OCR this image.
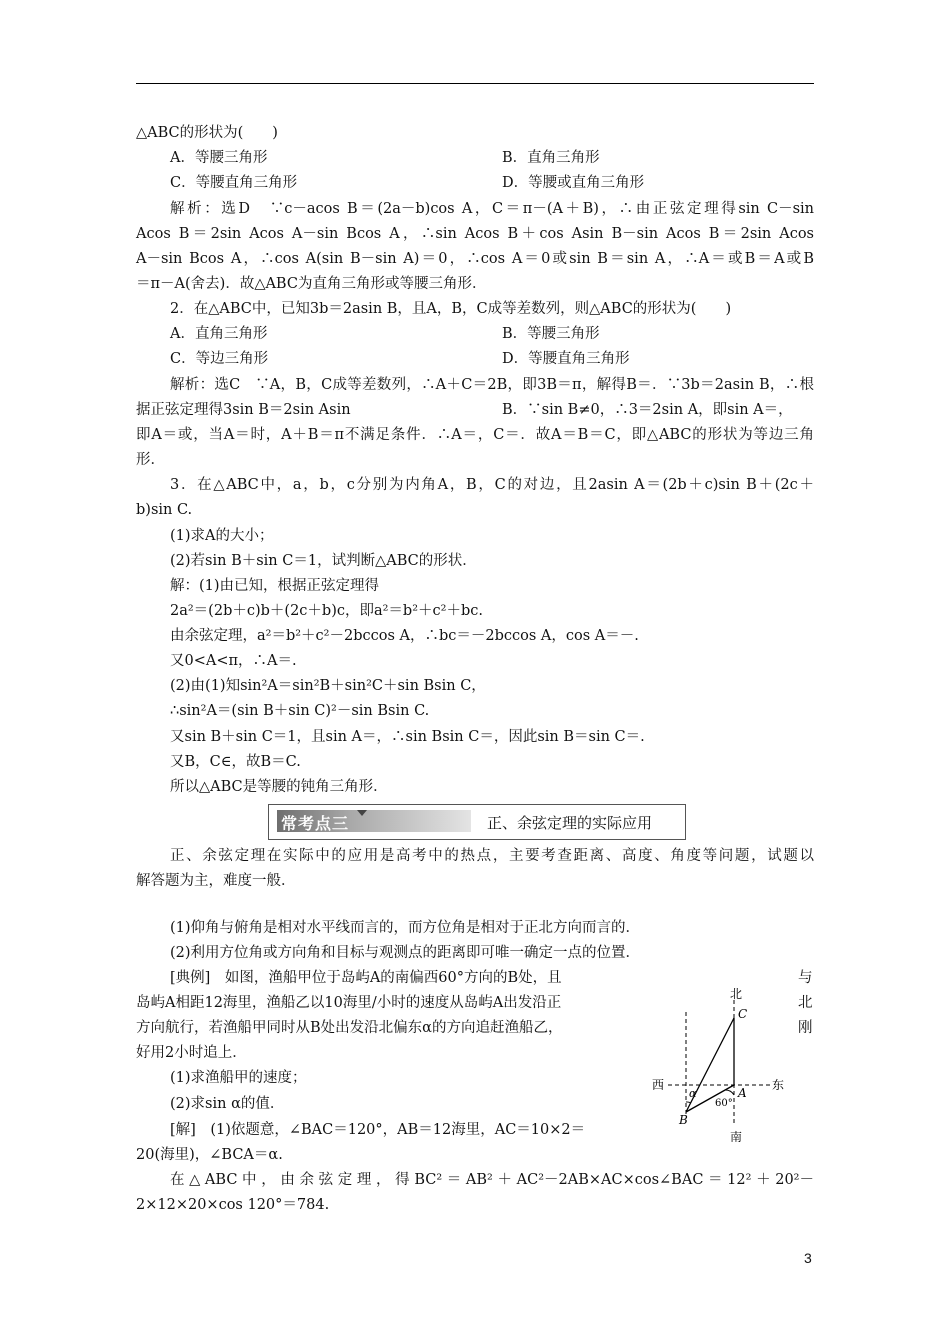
△ABC的形状为(　　)
A．等腰三角形	B．直角三角形
C．等腰直角三角形	D．等腰或直角三角形
解析：选D　∵c－acos B＝(2a－b)cos A，C＝π－(A＋B)，∴由正弦定理得sin C－sin
Acos B＝2sin Acos A－sin Bcos A，∴sin Acos B＋cos Asin B－sin Acos B＝2sin Acos
A－sin Bcos A，∴cos A(sin B－sin A)＝0，∴cos A＝0或sin B＝sin A，∴A＝或B＝A或B
＝π－A(舍去)．故△ABC为直角三角形或等腰三角形．
2．在△ABC中，已知3b＝2asin B，且A，B，C成等差数列，则△ABC的形状为(　　)
A．直角三角形	B．等腰三角形
C．等边三角形	D．等腰直角三角形
解析：选C　∵A，B，C成等差数列，∴A＋C＝2B，即3B＝π，解得B＝．∵3b＝2asin B，∴根
据正弦定理得3sin B＝2sin Asin	B．∵sin B≠0，∴3＝2sin A，即sin A＝，
即A＝或，当A＝时，A＋B＝π不满足条件．∴A＝，C＝．故A＝B＝C，即△ABC的形状为等边三角
形．
3．在△ABC中，a，b，c分别为内角A，B，C的对边，且2asin A＝(2b＋c)sin B＋(2c＋
b)sin C.
(1)求A的大小；
(2)若sin B＋sin C＝1，试判断△ABC的形状．
解：(1)由已知，根据正弦定理得
2a²＝(2b＋c)b＋(2c＋b)c，即a²＝b²＋c²＋bc.
由余弦定理，a²＝b²＋c²－2bccos A，∴bc＝－2bccos A，cos A＝－.
又0<A<π，∴A＝.
(2)由(1)知sin²A＝sin²B＋sin²C＋sin Bsin C，
∴sin²A＝(sin B＋sin C)²－sin Bsin C.
又sin B＋sin C＝1，且sin A＝，∴sin Bsin C＝，因此sin B＝sin C＝.
又B，C∈，故B＝C.
所以△ABC是等腰的钝角三角形．
常考点三	正、余弦定理的实际应用
正、余弦定理在实际中的应用是高考中的热点，主要考查距离、高度、角度等问题，试题以
解答题为主，难度一般．
(1)仰角与俯角是相对水平线而言的，而方位角是相对于正北方向而言的．
(2)利用方位角或方向角和目标与观测点的距离即可唯一确定一点的位置．
[典例]　如图，渔船甲位于岛屿A的南偏西60°方向的B处，且	与
岛屿A相距12海里，渔船乙以10海里/小时的速度从岛屿A出发沿正	北
方向航行，若渔船甲同时从B处出发沿北偏东α的方向追赶渔船乙，	刚
好用2小时追上．
(1)求渔船甲的速度；
(2)求sin α的值．
[解]　(1)依题意，∠BAC＝120°，AB＝12海里，AC＝10×2＝
20(海里)，∠BCA＝α.
在△ABC中，由余弦定理，得BC²＝AB²＋AC²－2AB×AC×cos∠BAC＝12²＋20²－
2×12×20×cos 120°＝784.
北
南
西	东
C
A
B
60°
α
3
